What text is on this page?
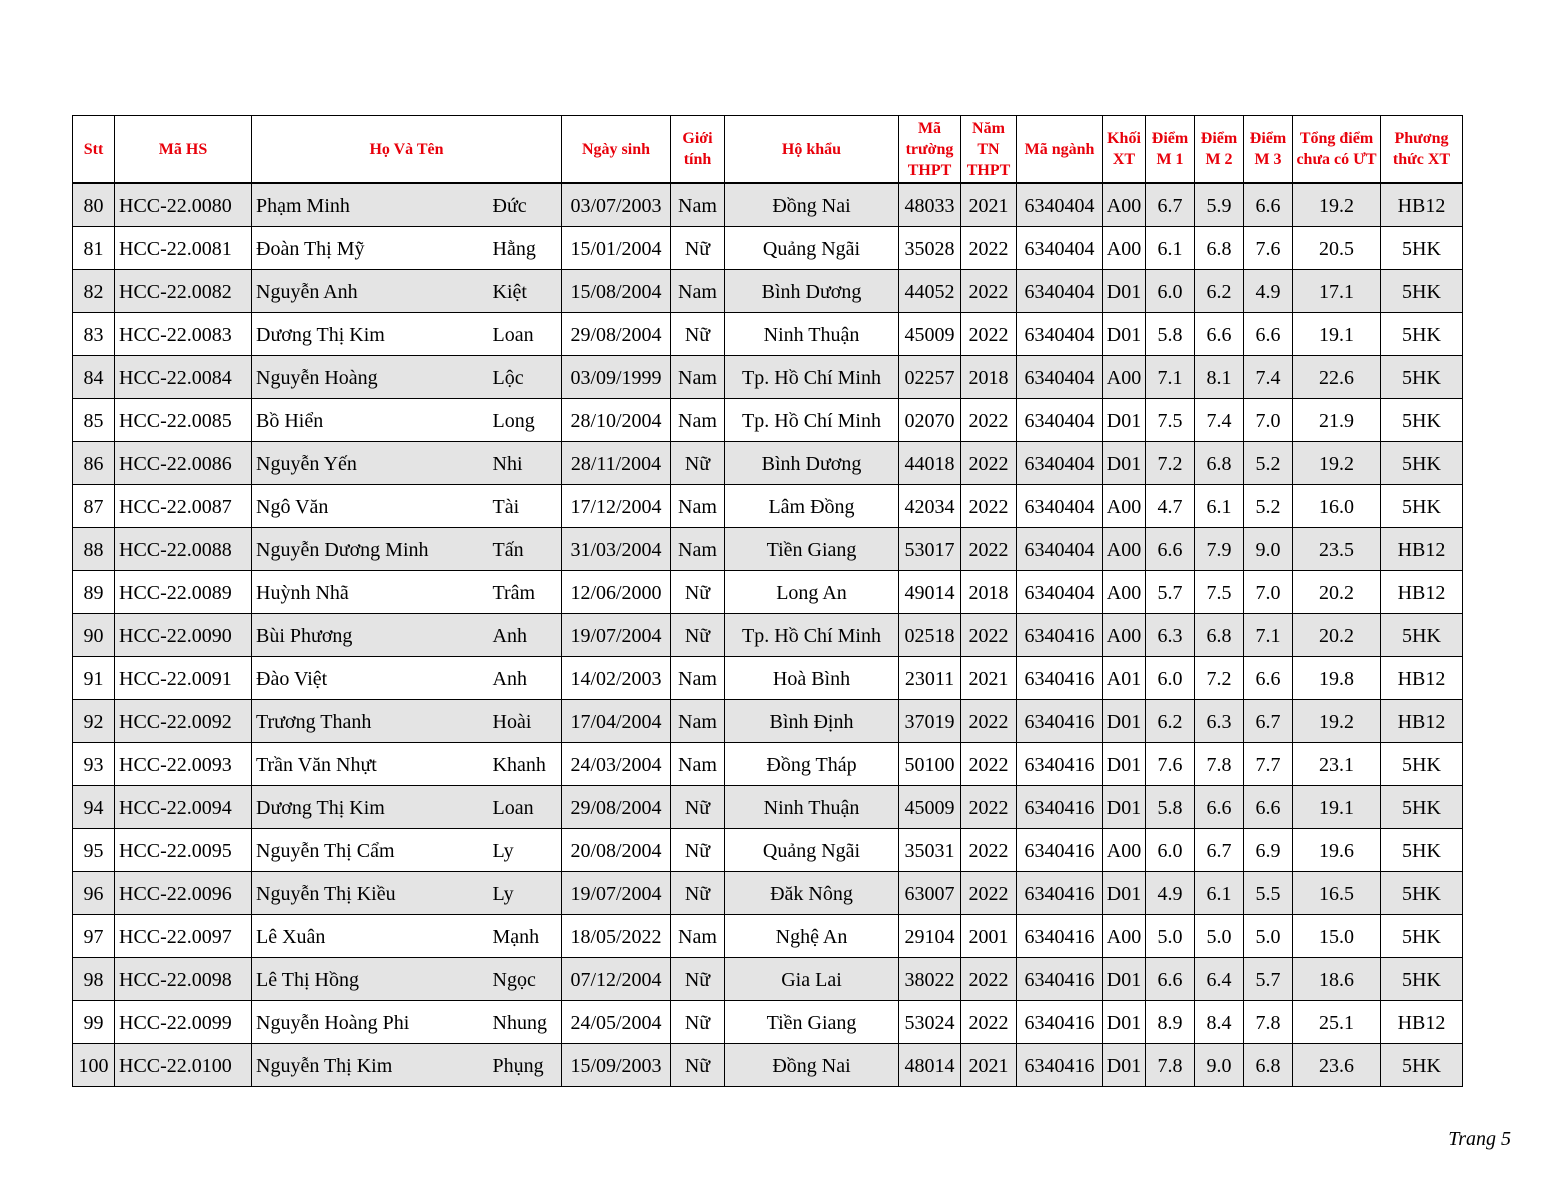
Stt	Mã HS	Họ Và Tên		Ngày sinh	Giới tính	Hộ khẩu	Mã trường THPT	Năm TN THPT	Mã ngành	Khối XT	Điểm M 1	Điểm M 2	Điểm M 3	Tổng điểm chưa có ƯT	Phương thức XT
80	HCC-22.0080	Phạm Minh	Đức	03/07/2003	Nam	Đồng Nai	48033	2021	6340404	A00	6.7	5.9	6.6	19.2	HB12
81	HCC-22.0081	Đoàn Thị Mỹ	Hằng	15/01/2004	Nữ	Quảng Ngãi	35028	2022	6340404	A00	6.1	6.8	7.6	20.5	5HK
82	HCC-22.0082	Nguyễn Anh	Kiệt	15/08/2004	Nam	Bình Dương	44052	2022	6340404	D01	6.0	6.2	4.9	17.1	5HK
83	HCC-22.0083	Dương Thị Kim	Loan	29/08/2004	Nữ	Ninh Thuận	45009	2022	6340404	D01	5.8	6.6	6.6	19.1	5HK
84	HCC-22.0084	Nguyễn Hoàng	Lộc	03/09/1999	Nam	Tp. Hồ Chí Minh	02257	2018	6340404	A00	7.1	8.1	7.4	22.6	5HK
85	HCC-22.0085	Bồ Hiển	Long	28/10/2004	Nam	Tp. Hồ Chí Minh	02070	2022	6340404	D01	7.5	7.4	7.0	21.9	5HK
86	HCC-22.0086	Nguyễn Yến	Nhi	28/11/2004	Nữ	Bình Dương	44018	2022	6340404	D01	7.2	6.8	5.2	19.2	5HK
87	HCC-22.0087	Ngô Văn	Tài	17/12/2004	Nam	Lâm Đồng	42034	2022	6340404	A00	4.7	6.1	5.2	16.0	5HK
88	HCC-22.0088	Nguyễn Dương Minh	Tấn	31/03/2004	Nam	Tiền Giang	53017	2022	6340404	A00	6.6	7.9	9.0	23.5	HB12
89	HCC-22.0089	Huỳnh Nhã	Trâm	12/06/2000	Nữ	Long An	49014	2018	6340404	A00	5.7	7.5	7.0	20.2	HB12
90	HCC-22.0090	Bùi Phương	Anh	19/07/2004	Nữ	Tp. Hồ Chí Minh	02518	2022	6340416	A00	6.3	6.8	7.1	20.2	5HK
91	HCC-22.0091	Đào Việt	Anh	14/02/2003	Nam	Hoà Bình	23011	2021	6340416	A01	6.0	7.2	6.6	19.8	HB12
92	HCC-22.0092	Trương Thanh	Hoài	17/04/2004	Nam	Bình Định	37019	2022	6340416	D01	6.2	6.3	6.7	19.2	HB12
93	HCC-22.0093	Trần Văn Nhựt	Khanh	24/03/2004	Nam	Đồng Tháp	50100	2022	6340416	D01	7.6	7.8	7.7	23.1	5HK
94	HCC-22.0094	Dương Thị Kim	Loan	29/08/2004	Nữ	Ninh Thuận	45009	2022	6340416	D01	5.8	6.6	6.6	19.1	5HK
95	HCC-22.0095	Nguyễn Thị Cẩm	Ly	20/08/2004	Nữ	Quảng Ngãi	35031	2022	6340416	A00	6.0	6.7	6.9	19.6	5HK
96	HCC-22.0096	Nguyễn Thị Kiều	Ly	19/07/2004	Nữ	Đăk Nông	63007	2022	6340416	D01	4.9	6.1	5.5	16.5	5HK
97	HCC-22.0097	Lê Xuân	Mạnh	18/05/2022	Nam	Nghệ An	29104	2001	6340416	A00	5.0	5.0	5.0	15.0	5HK
98	HCC-22.0098	Lê Thị Hồng	Ngọc	07/12/2004	Nữ	Gia Lai	38022	2022	6340416	D01	6.6	6.4	5.7	18.6	5HK
99	HCC-22.0099	Nguyễn Hoàng Phi	Nhung	24/05/2004	Nữ	Tiền Giang	53024	2022	6340416	D01	8.9	8.4	7.8	25.1	HB12
100	HCC-22.0100	Nguyễn Thị Kim	Phụng	15/09/2003	Nữ	Đồng Nai	48014	2021	6340416	D01	7.8	9.0	6.8	23.6	5HK
Trang 5
